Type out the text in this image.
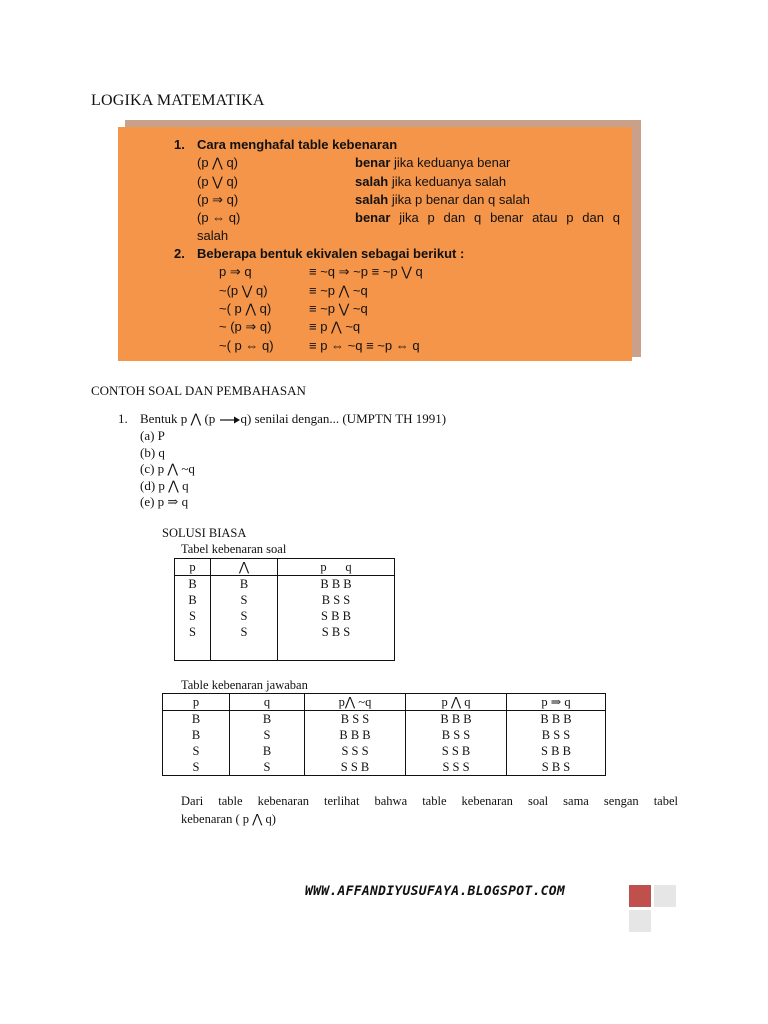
LOGIKA MATEMATIKA
1. Cara menghafal table kebenaran
(p ⋀ q)	benar jika keduanya benar
(p ⋁ q)	salah jika keduanya salah
(p ⇒ q)	salah jika p benar dan q salah
(p ⇔ q)	benar jika p dan q benar atau p dan q
salah
2. Beberapa bentuk ekivalen sebagai berikut :
p ⇒ q	≡ ~q ⇒ ~p ≡ ~p ⋁ q
~(p ⋁ q)	≡ ~p ⋀ ~q
~( p ⋀ q)	≡ ~p ⋁ ~q
~ (p ⇒ q)	≡ p ⋀ ~q
~( p ⇔ q)	≡ p ⇔ ~q ≡ ~p ⇔ q
CONTOH SOAL DAN PEMBAHASAN
1. Bentuk p ⋀ (p q) senilai dengan... (UMPTN TH 1991)
(a) P
(b) q
(c) p ⋀ ~q
(d) p ⋀ q
(e) p ⇒ q
SOLUSI BIASA
Tabel kebenaran soal
p	⋀	p      q
B	B	B B B
B	S	B S S
S	S	S B B
S	S	S B S

Table kebenaran jawaban
p	q	p⋀ ~q	p ⋀ q	p ⇒ q
B	B	B S S	B B B	B B B
B	S	B B B	B S S	B S S
S	B	S S S	S S B	S B B
S	S	S S B	S S S	S B S
Dari table kebenaran terlihat bahwa table kebenaran soal sama sengan tabel
kebenaran ( p ⋀ q)
WWW.AFFANDIYUSUFAYA.BLOGSPOT.COM
